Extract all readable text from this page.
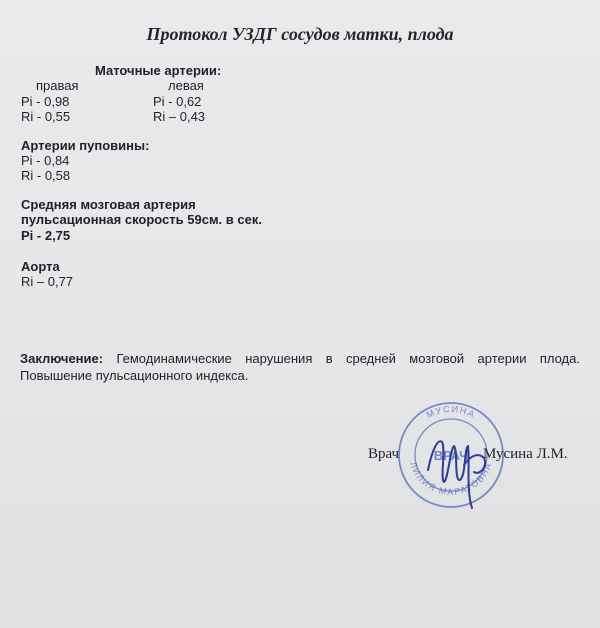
Протокол УЗДГ сосудов матки, плода
Маточные артерии:
правая	левая
Pi - 0,98	Pi - 0,62
Ri - 0,55	Ri – 0,43
Артерии пуповины:
Pi - 0,84
Ri - 0,58
Средняя мозговая артерия
пульсационная скорость 59см. в сек.
Pi - 2,75
Аорта
Ri – 0,77
Заключение: Гемодинамические нарушения в средней мозговой артерии плода. Повышение пульсационного индекса.
МУСИНА
ЛИЛИЯ МАРАТОВНА
ВРАЧ
Врач	Мусина Л.М.
